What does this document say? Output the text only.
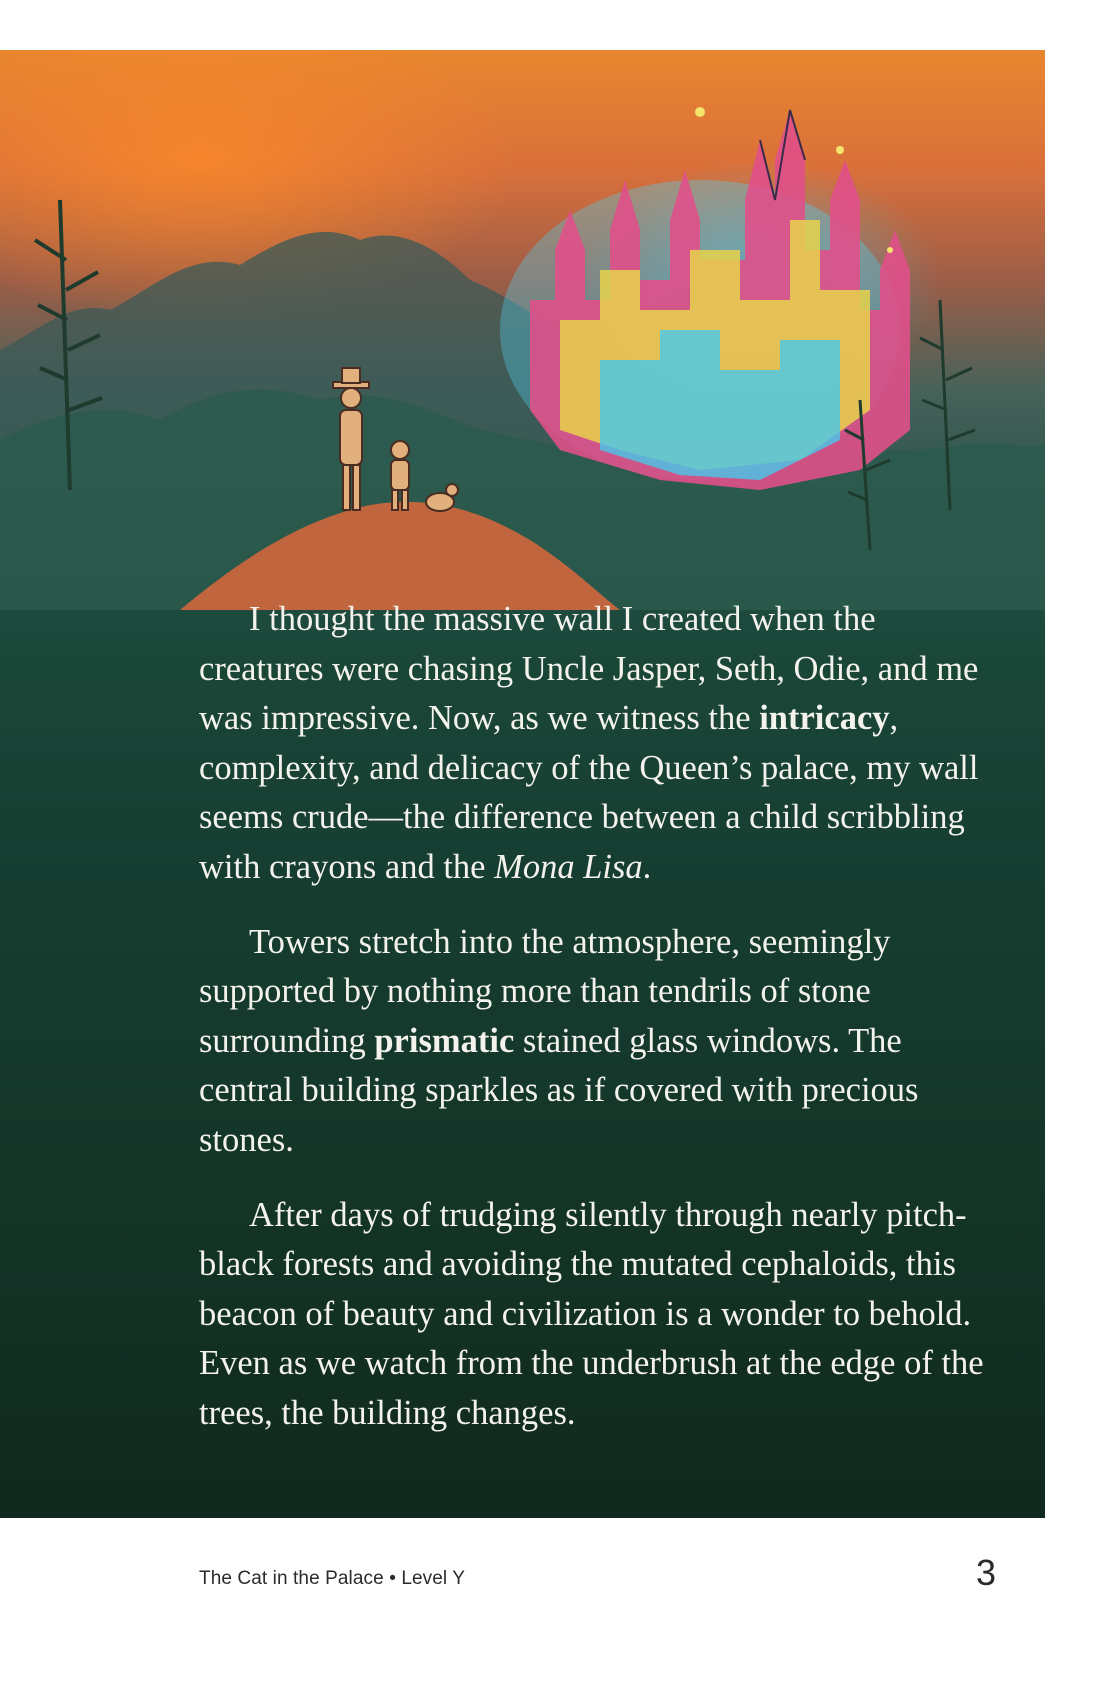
I thought the massive wall I created when the creatures were chasing Uncle Jasper, Seth, Odie, and me was impressive. Now, as we witness the intricacy, complexity, and delicacy of the Queen’s palace, my wall seems crude—the difference between a child scribbling with crayons and the Mona Lisa.

Towers stretch into the atmosphere, seemingly supported by nothing more than tendrils of stone surrounding prismatic stained glass windows. The central building sparkles as if covered with precious stones.

After days of trudging silently through nearly pitch-black forests and avoiding the mutated cephaloids, this beacon of beauty and civilization is a wonder to behold. Even as we watch from the underbrush at the edge of the trees, the building changes.

The Cat in the Palace • Level Y	3
